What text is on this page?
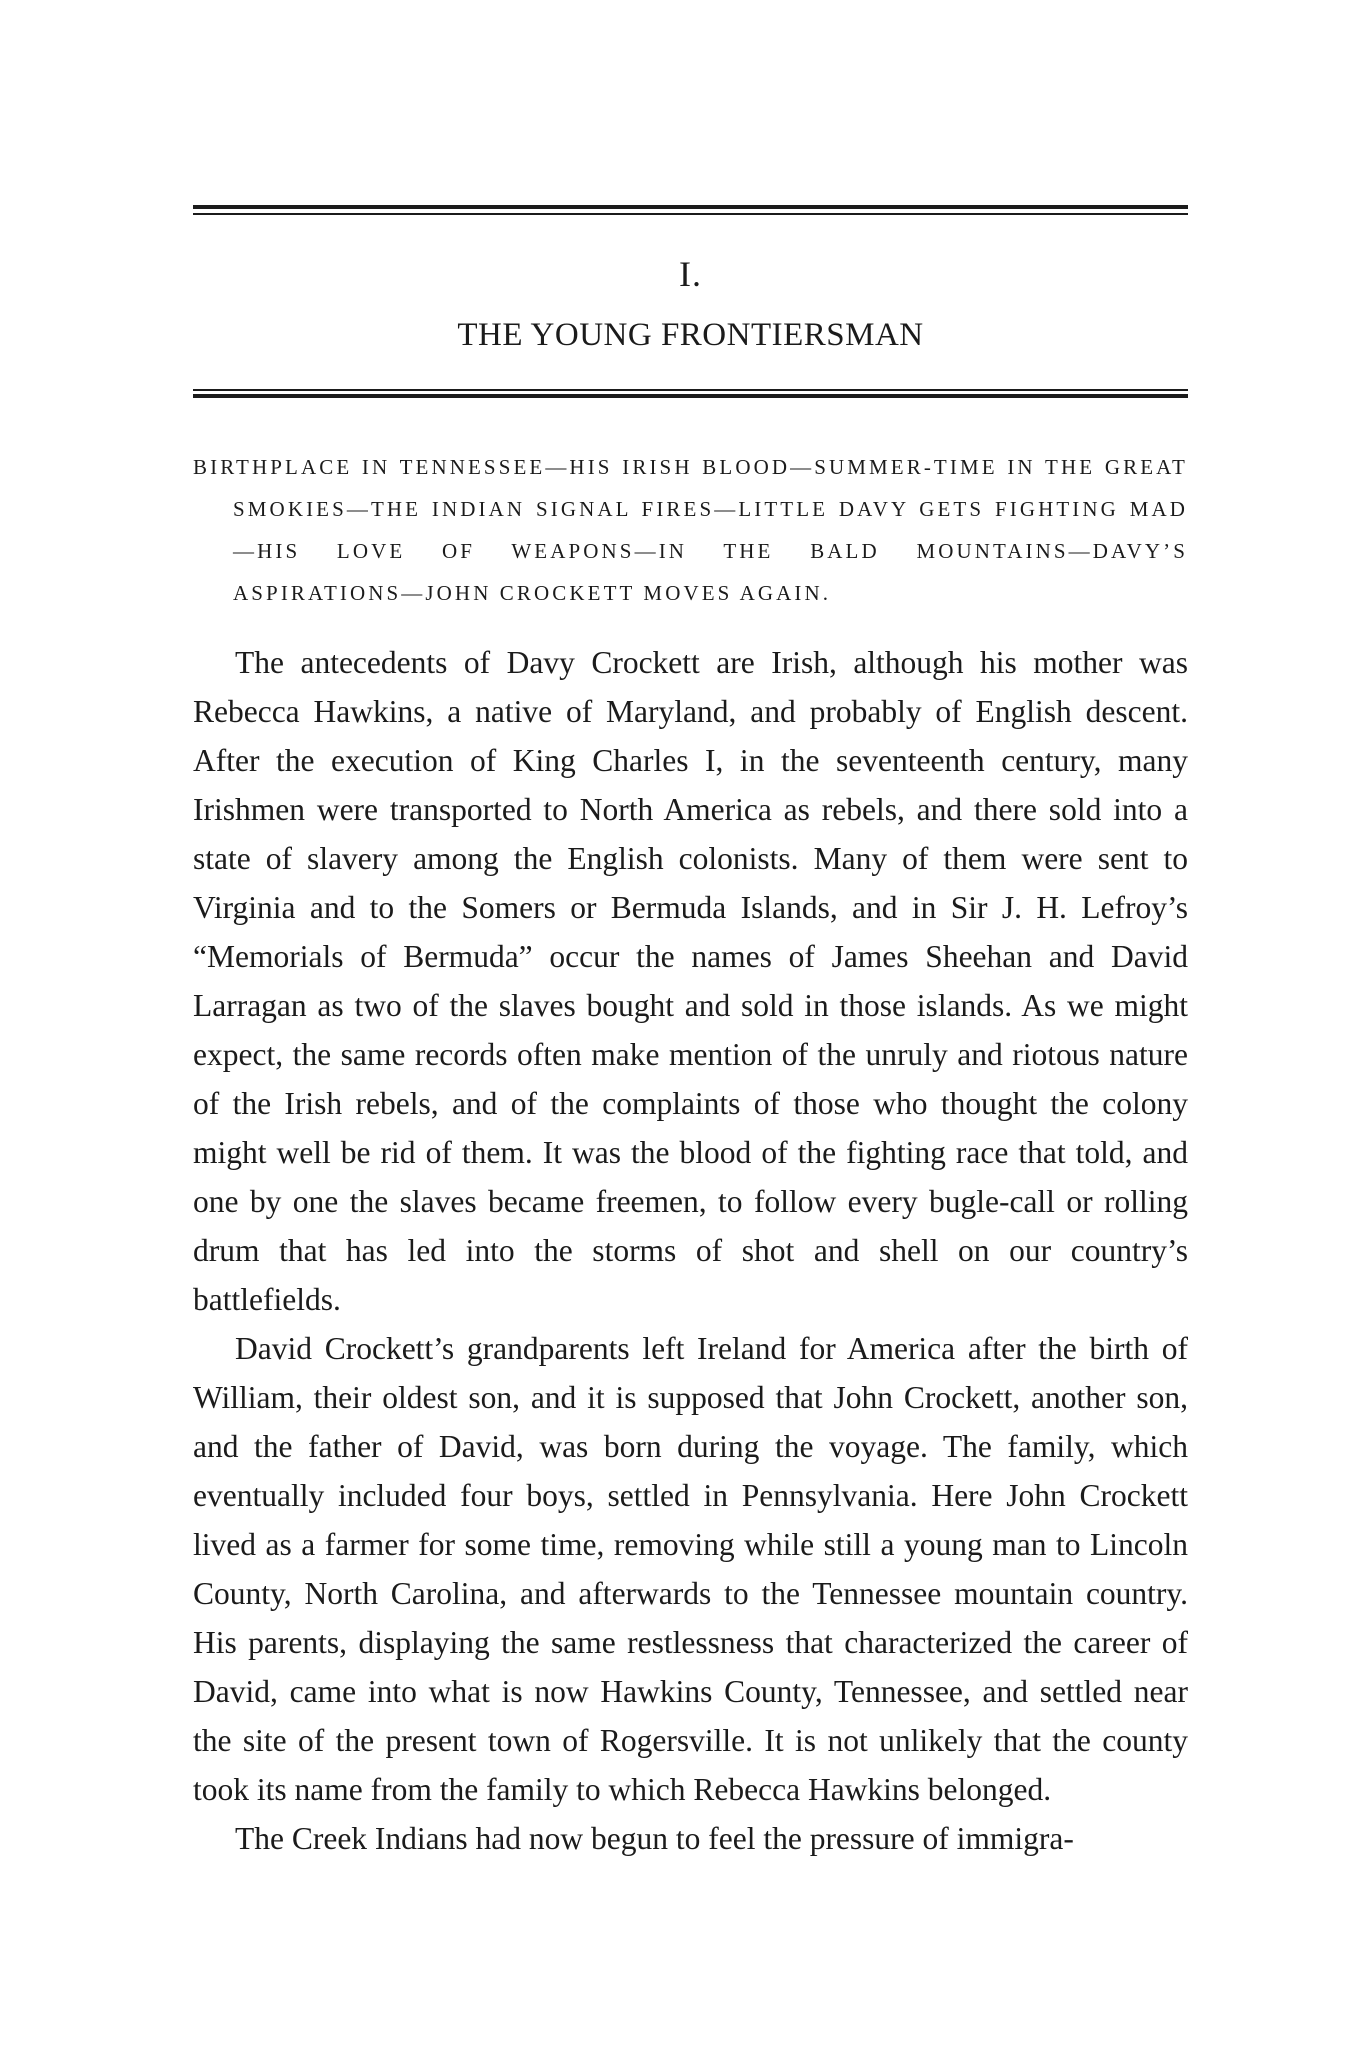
I.
THE YOUNG FRONTIERSMAN
BIRTHPLACE IN TENNESSEE—HIS IRISH BLOOD—SUMMER-TIME IN THE GREAT SMOKIES—THE INDIAN SIGNAL FIRES—LITTLE DAVY GETS FIGHTING MAD—HIS LOVE OF WEAPONS—IN THE BALD MOUNTAINS—DAVY’S ASPIRATIONS—JOHN CROCKETT MOVES AGAIN.

The antecedents of Davy Crockett are Irish, although his mother was Rebecca Hawkins, a native of Maryland, and probably of English descent. After the execution of King Charles I, in the seventeenth century, many Irishmen were transported to North America as rebels, and there sold into a state of slavery among the English colonists. Many of them were sent to Virginia and to the Somers or Bermuda Islands, and in Sir J. H. Lefroy’s “Memorials of Bermuda” occur the names of James Sheehan and David Larragan as two of the slaves bought and sold in those islands. As we might expect, the same records often make mention of the unruly and riotous nature of the Irish rebels, and of the complaints of those who thought the colony might well be rid of them. It was the blood of the fighting race that told, and one by one the slaves became freemen, to follow every bugle-call or rolling drum that has led into the storms of shot and shell on our country’s battlefields.

David Crockett’s grandparents left Ireland for America after the birth of William, their oldest son, and it is supposed that John Crockett, another son, and the father of David, was born during the voyage. The family, which eventually included four boys, settled in Pennsylvania. Here John Crockett lived as a farmer for some time, removing while still a young man to Lincoln County, North Carolina, and afterwards to the Tennessee mountain country. His parents, displaying the same restlessness that characterized the career of David, came into what is now Hawkins County, Tennessee, and settled near the site of the present town of Rogersville. It is not unlikely that the county took its name from the family to which Rebecca Hawkins belonged.

The Creek Indians had now begun to feel the pressure of immigra-
